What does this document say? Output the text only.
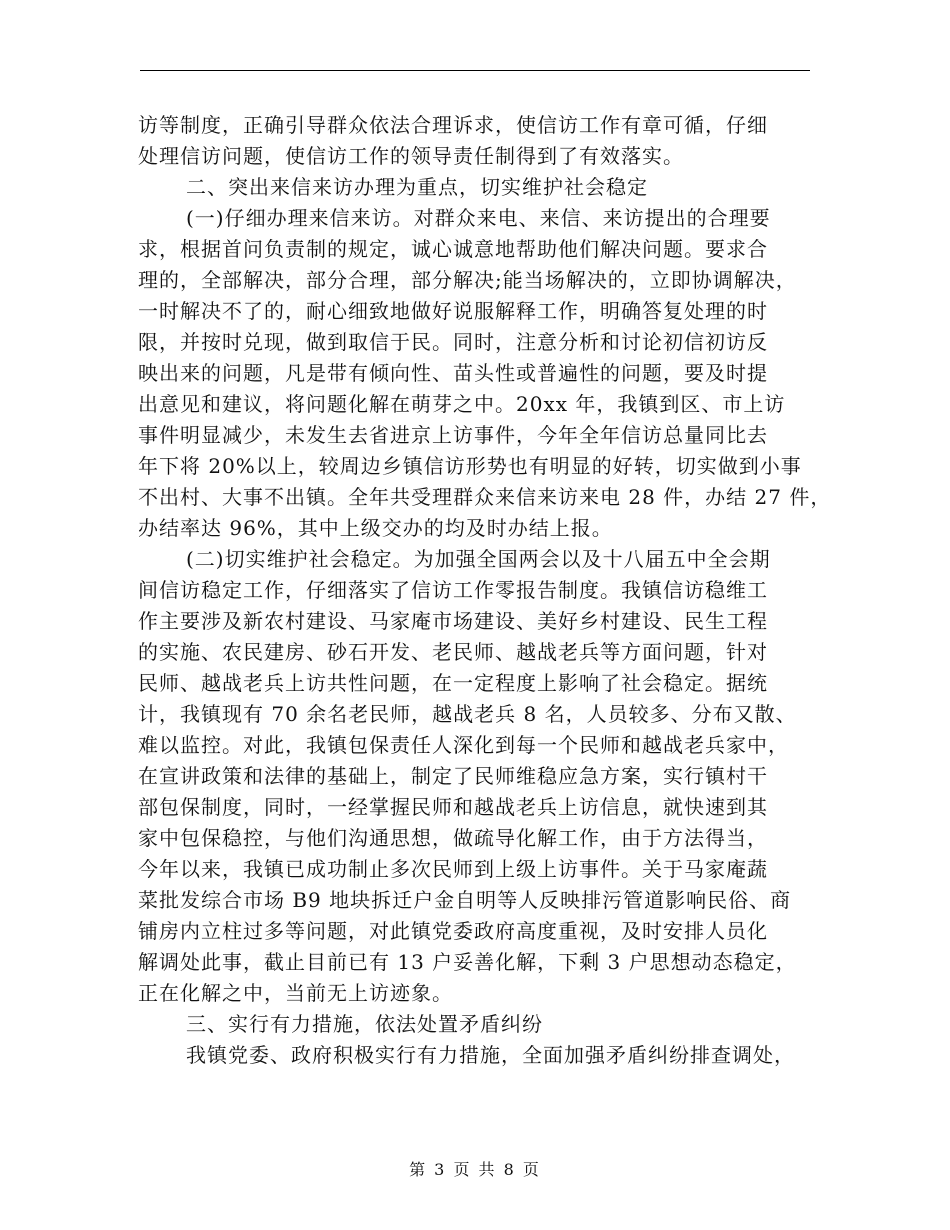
访等制度，正确引导群众依法合理诉求，使信访工作有章可循，仔细
处理信访问题，使信访工作的领导责任制得到了有效落实。
二、突出来信来访办理为重点，切实维护社会稳定
(一)仔细办理来信来访。对群众来电、来信、来访提出的合理要
求，根据首问负责制的规定，诚心诚意地帮助他们解决问题。要求合
理的，全部解决，部分合理，部分解决;能当场解决的，立即协调解决，
一时解决不了的，耐心细致地做好说服解释工作，明确答复处理的时
限，并按时兑现，做到取信于民。同时，注意分析和讨论初信初访反
映出来的问题，凡是带有倾向性、苗头性或普遍性的问题，要及时提
出意见和建议，将问题化解在萌芽之中。20xx 年，我镇到区、市上访
事件明显减少，未发生去省进京上访事件，今年全年信访总量同比去
年下将 20%以上，较周边乡镇信访形势也有明显的好转，切实做到小事
不出村、大事不出镇。全年共受理群众来信来访来电 28 件，办结 27 件，
办结率达 96%，其中上级交办的均及时办结上报。
(二)切实维护社会稳定。为加强全国两会以及十八届五中全会期
间信访稳定工作，仔细落实了信访工作零报告制度。我镇信访稳维工
作主要涉及新农村建设、马家庵市场建设、美好乡村建设、民生工程
的实施、农民建房、砂石开发、老民师、越战老兵等方面问题，针对
民师、越战老兵上访共性问题，在一定程度上影响了社会稳定。据统
计，我镇现有 70 余名老民师，越战老兵 8 名，人员较多、分布又散、
难以监控。对此，我镇包保责任人深化到每一个民师和越战老兵家中，
在宣讲政策和法律的基础上，制定了民师维稳应急方案，实行镇村干
部包保制度，同时，一经掌握民师和越战老兵上访信息，就快速到其
家中包保稳控，与他们沟通思想，做疏导化解工作，由于方法得当，
今年以来，我镇已成功制止多次民师到上级上访事件。关于马家庵蔬
菜批发综合市场 B9 地块拆迁户金自明等人反映排污管道影响民俗、商
铺房内立柱过多等问题，对此镇党委政府高度重视，及时安排人员化
解调处此事，截止目前已有 13 户妥善化解，下剩 3 户思想动态稳定，
正在化解之中，当前无上访迹象。
三、实行有力措施，依法处置矛盾纠纷
我镇党委、政府积极实行有力措施，全面加强矛盾纠纷排查调处，
第 3 页 共 8 页
